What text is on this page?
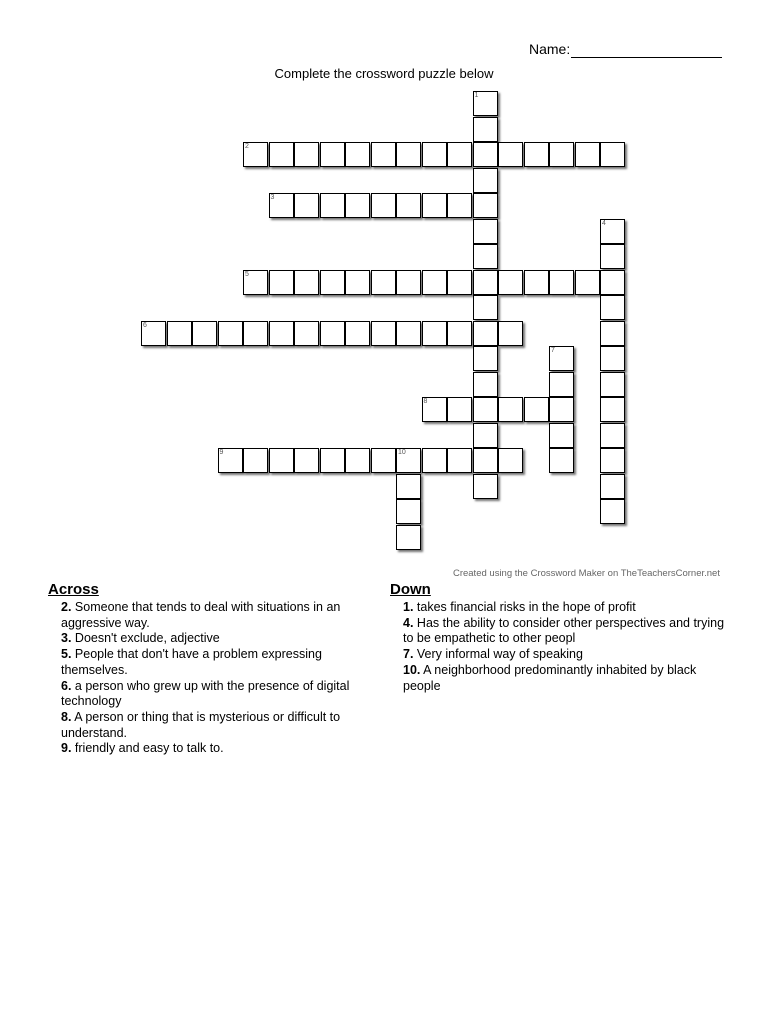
Name:
Complete the crossword puzzle below
1
2
3
4
5
6
7
8
9	10
Created using the Crossword Maker on TheTeachersCorner.net
Across
2. Someone that tends to deal with situations in an aggressive way.
3. Doesn't exclude, adjective
5. People that don't have a problem expressing themselves.
6. a person who grew up with the presence of digital technology
8. A person or thing that is mysterious or difficult to understand.
9. friendly and easy to talk to.
Down
1. takes financial risks in the hope of profit
4. Has the ability to consider other perspectives and trying to be empathetic to other peopl
7. Very informal way of speaking
10. A neighborhood predominantly inhabited by black people
